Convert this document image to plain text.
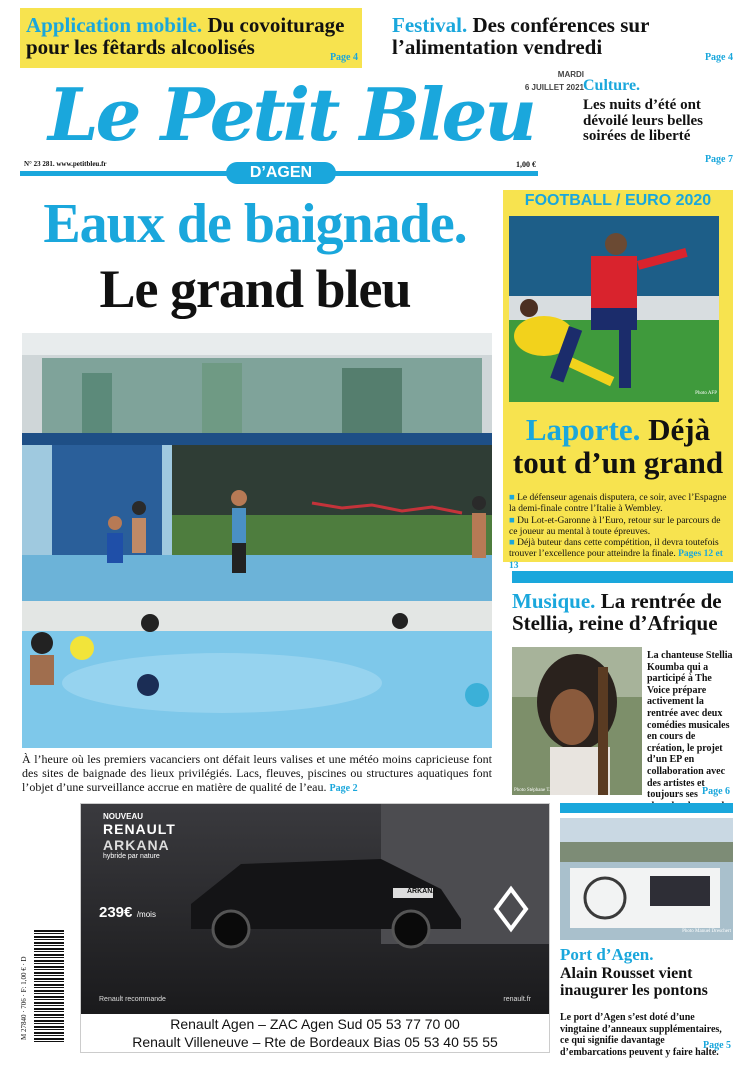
Application mobile. Du covoiturage pour les fêtards alcoolisés	Page 4
Festival. Des conférences sur l’alimentation vendredi	Page 4
Le Petit Bleu
D’AGEN
N° 23 281. www.petitbleu.fr	1,00 €
MARDI
6 JUILLET 2021 Culture.
Les nuits d’été ont dévoilé leurs belles soirées de liberté
Page 7
Eaux de baignade.
Le grand bleu
Photo Manuel Dreschert
À l’heure où les premiers vacanciers ont défait leurs valises et une météo moins capricieuse font des sites de baignade des lieux privilégiés. Lacs, fleuves, piscines ou structures aquatiques font l’objet d’une surveillance accrue en matière de qualité de l’eau. Page 2
FOOTBALL / EURO 2020
Photo AFP
Laporte. Déjà tout d’un grand
■ Le défenseur agenais disputera, ce soir, avec l’Espagne la demi-finale contre l’Italie à Wembley.
■ Du Lot-et-Garonne à l’Euro, retour sur le parcours de ce joueur au mental à toute épreuves.
■ Déjà buteur dans cette compétition, il devra toutefois trouver l’excellence pour atteindre la finale. Pages 12 et 13
Musique. La rentrée de Stellia, reine d’Afrique
Photo Stéphane T.
La chanteuse Stellia Koumba qui a participé à The Voice prépare activement la rentrée avec deux comédies musicales en cours de création, le projet d’un EP en collaboration avec des artistes et toujours ses Page 6
Photo Manuel Dreschert
Port d’Agen.
Alain Rousset vient inaugurer les pontons
Le port d’Agen s’est doté d’une vingtaine d’anneaux supplémentaires, ce qui signifie davantage d’embarcations peuvent y faire halte.
Page 5
NOUVEAU
RENAULT
ARKANA
hybride par nature
239€ /mois
ARKANA
Renault recommande	renault.fr
Renault Agen – ZAC Agen Sud 05 53 77 70 00
Renault Villeneuve – Rte de Bordeaux Bias 05 53 40 55 55
M 27840 · 706 · F: 1,00 € · D
